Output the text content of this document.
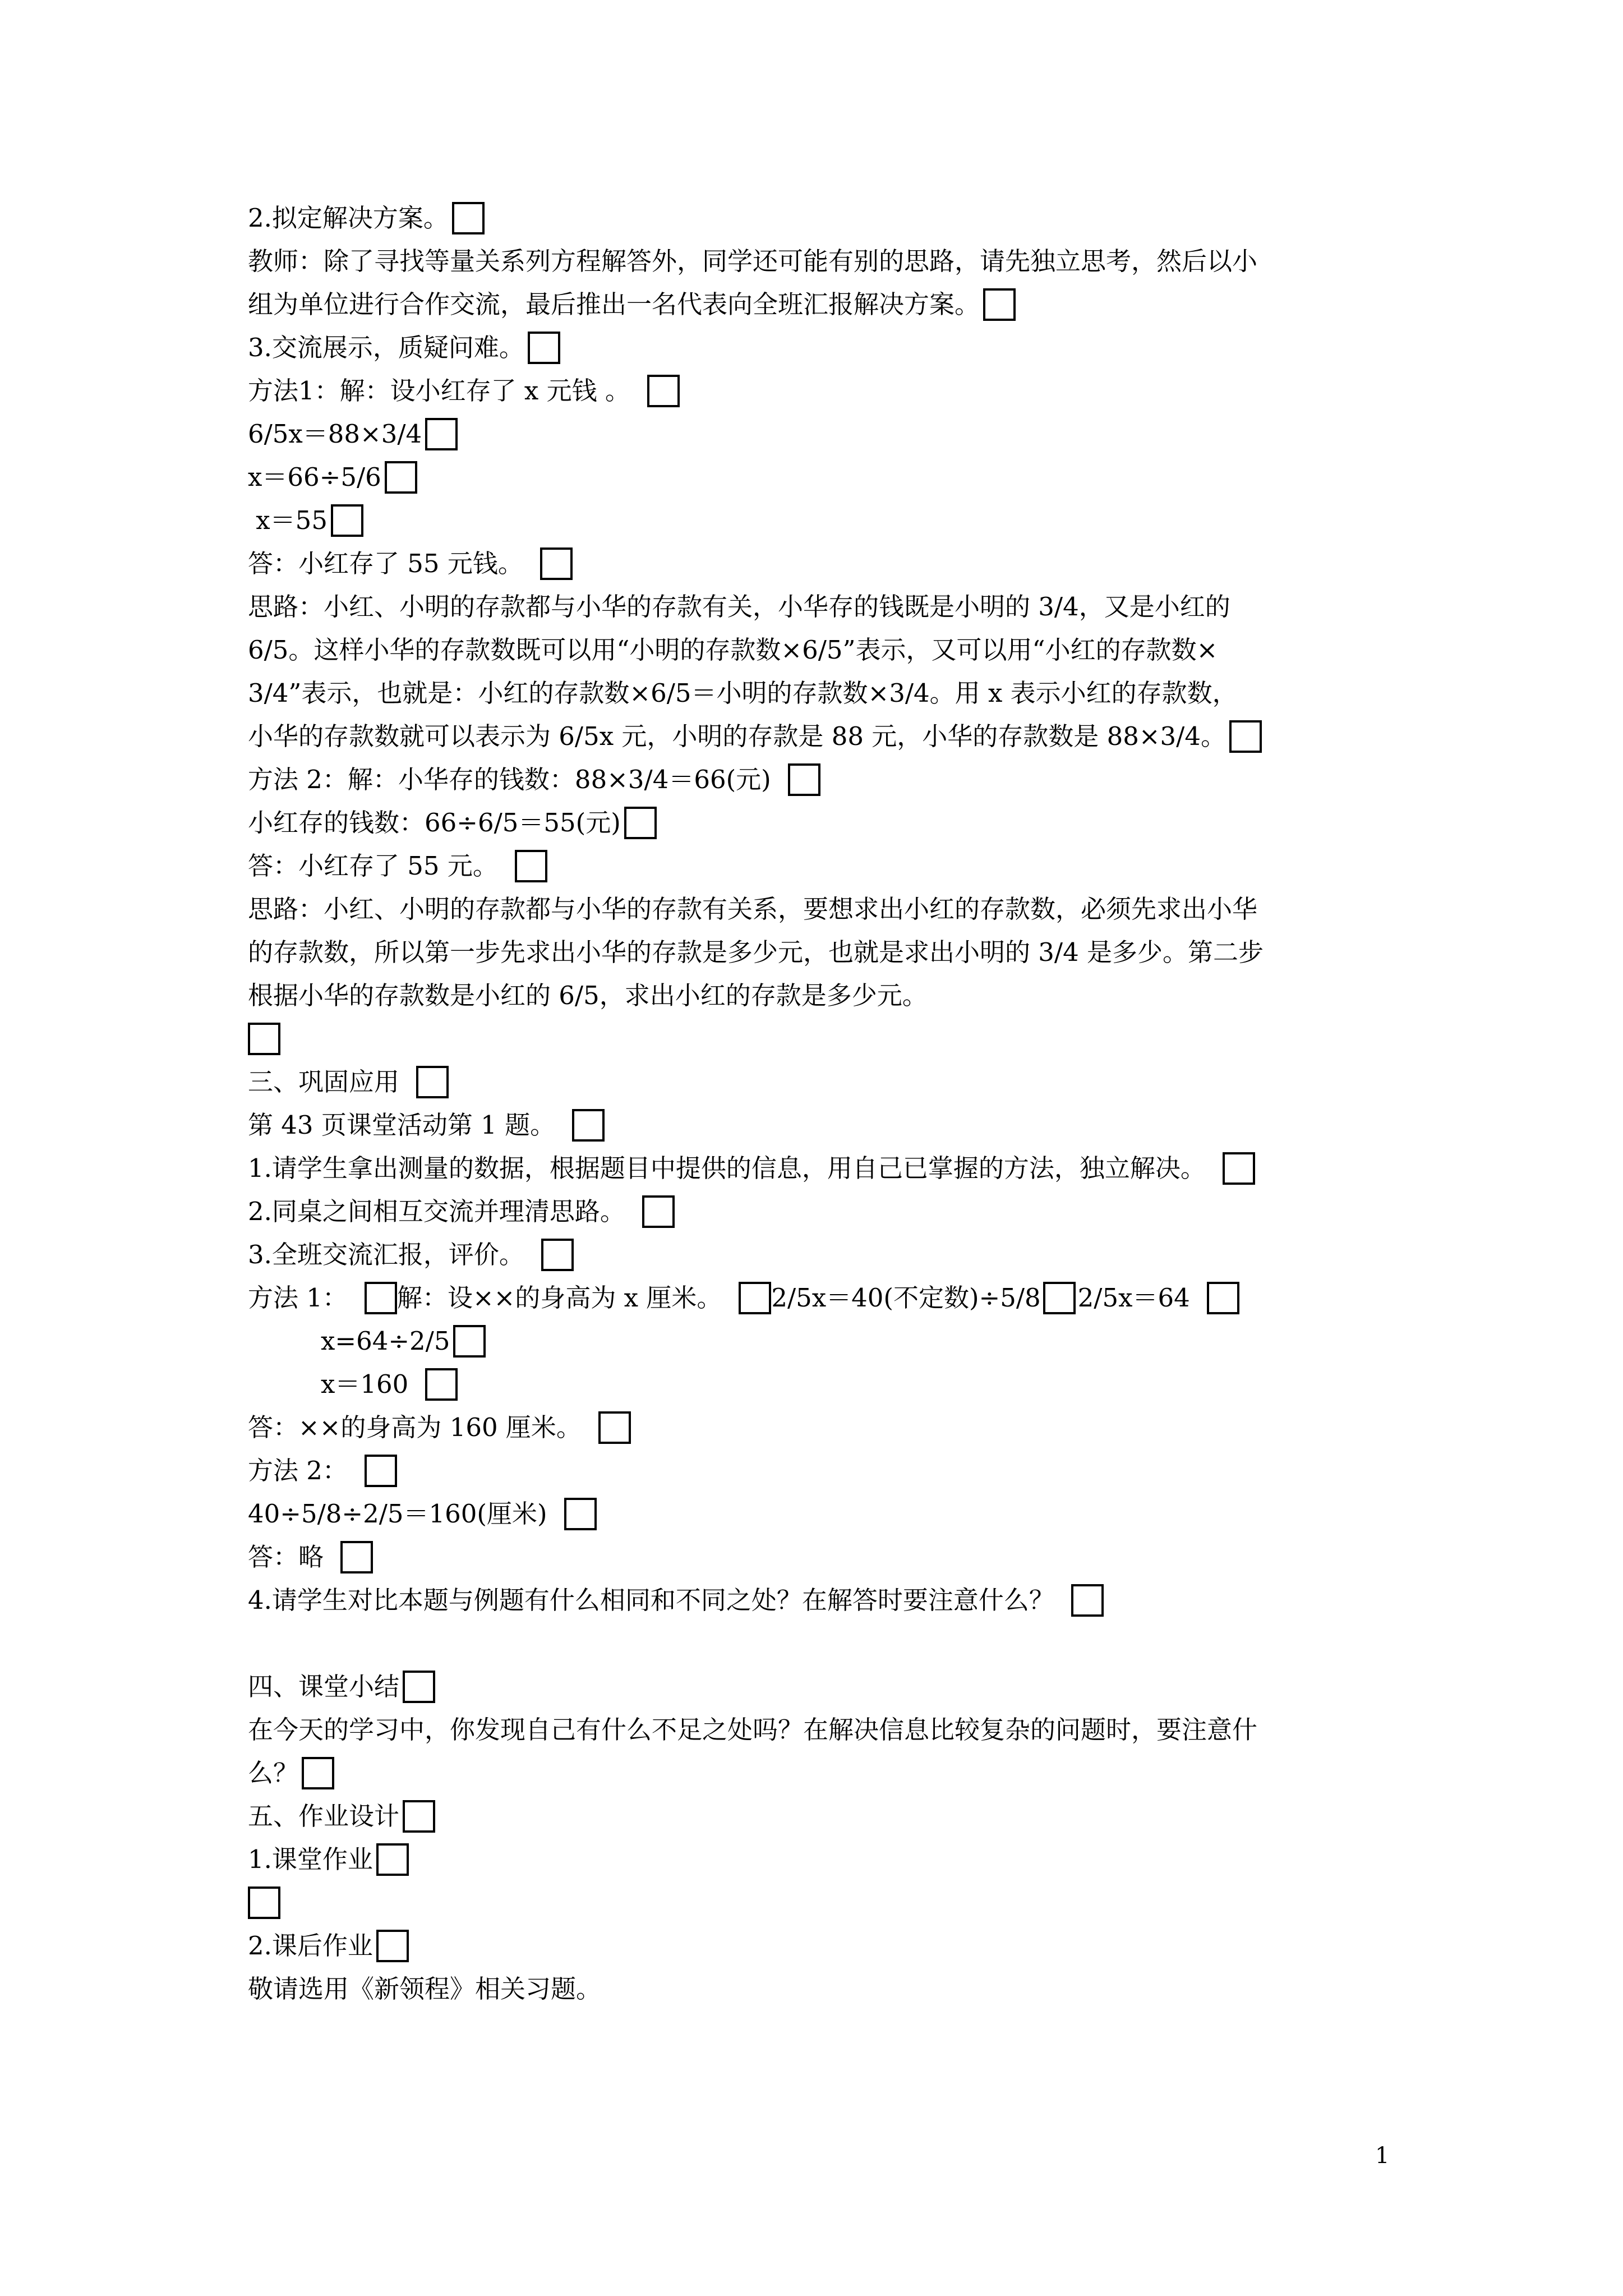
2.拟定解决方案。
教师：除了寻找等量关系列方程解答外，同学还可能有别的思路，请先独立思考，然后以小
组为单位进行合作交流，最后推出一名代表向全班汇报解决方案。
3.交流展示，质疑问难。
方法1：解：设小红存了 x 元钱 。
6/5x＝88×3/4
x＝66÷5/6
x＝55
答：小红存了 55 元钱。
思路：小红、小明的存款都与小华的存款有关，小华存的钱既是小明的 3/4，又是小红的
6/5。这样小华的存款数既可以用“小明的存款数×6/5”表示，又可以用“小红的存款数×
3/4”表示，也就是：小红的存款数×6/5＝小明的存款数×3/4。用 x 表示小红的存款数，
小华的存款数就可以表示为 6/5x 元，小明的存款是 88 元，小华的存款数是 88×3/4。
方法 2：解：小华存的钱数：88×3/4＝66(元)
小红存的钱数：66÷6/5＝55(元)
答：小红存了 55 元。
思路：小红、小明的存款都与小华的存款有关系，要想求出小红的存款数，必须先求出小华
的存款数，所以第一步先求出小华的存款是多少元，也就是求出小明的 3/4 是多少。第二步
根据小华的存款数是小红的 6/5，求出小红的存款是多少元。
三、巩固应用
第 43 页课堂活动第 1 题。
1.请学生拿出测量的数据，根据题目中提供的信息，用自己已掌握的方法，独立解决。
2.同桌之间相互交流并理清思路。
3.全班交流汇报，评价。
方法 1： 解：设××的身高为 x 厘米。 2/5x＝40(不定数)÷5/8 2/5x＝64
x=64÷2/5
x＝160
答：××的身高为 160 厘米。
方法 2：
40÷5/8÷2/5＝160(厘米)
答：略
4.请学生对比本题与例题有什么相同和不同之处？在解答时要注意什么？
四、课堂小结
在今天的学习中，你发现自己有什么不足之处吗？在解决信息比较复杂的问题时，要注意什
么？
五、作业设计
1.课堂作业
2.课后作业
敬请选用《新领程》相关习题。
1
